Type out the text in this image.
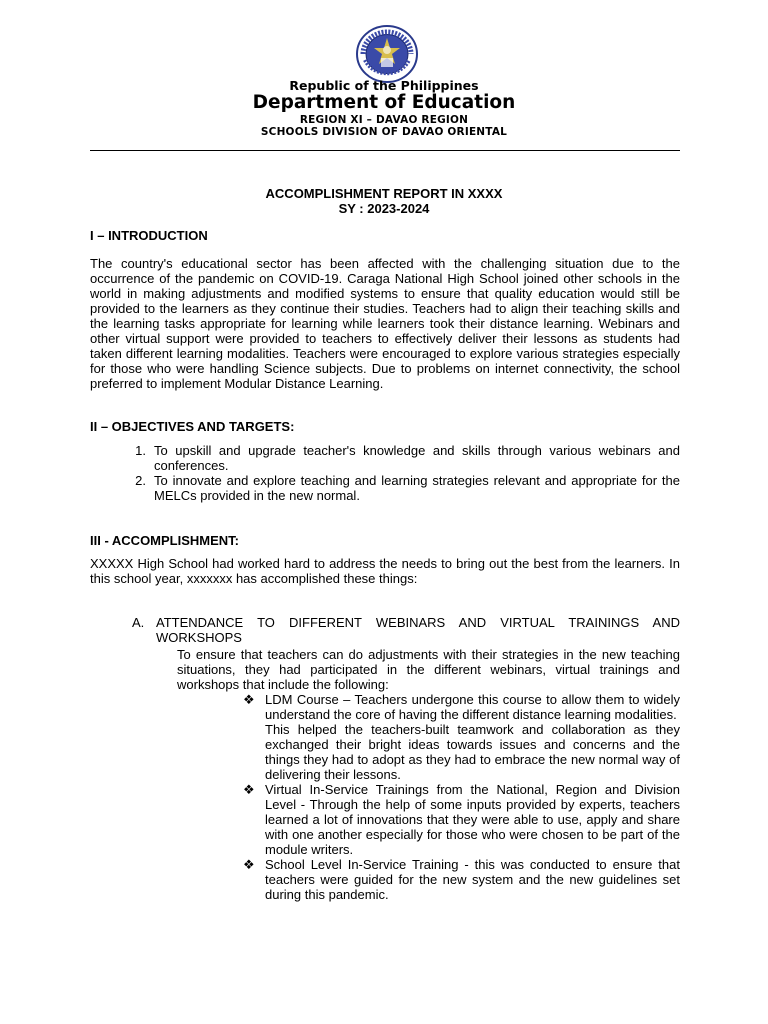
Republic of the Philippines
Department of Education
REGION XI – DAVAO REGION
SCHOOLS DIVISION OF DAVAO ORIENTAL
ACCOMPLISHMENT REPORT IN XXXX
SY : 2023-2024
I – INTRODUCTION
The country's educational sector has been affected with the challenging situation due to the occurrence of the pandemic on COVID-19. Caraga National High School joined other schools in the world in making adjustments and modified systems to ensure that quality education would still be provided to the learners as they continue their studies. Teachers had to align their teaching skills and the learning tasks appropriate for learning while learners took their distance learning. Webinars and other virtual support were provided to teachers to effectively deliver their lessons as students had taken different learning modalities. Teachers were encouraged to explore various strategies especially for those who were handling Science subjects. Due to problems on internet connectivity, the school preferred to implement Modular Distance Learning.
II – OBJECTIVES AND TARGETS:
1. To upskill and upgrade teacher's knowledge and skills through various webinars and conferences.
2. To innovate and explore teaching and learning strategies relevant and appropriate for the MELCs provided in the new normal.
III - ACCOMPLISHMENT:
XXXXX High School had worked hard to address the needs to bring out the best from the learners. In this school year, xxxxxxx has accomplished these things:
A. ATTENDANCE TO DIFFERENT WEBINARS AND VIRTUAL TRAININGS AND WORKSHOPS
To ensure that teachers can do adjustments with their strategies in the new teaching situations, they had participated in the different webinars, virtual trainings and workshops that include the following:
❖ LDM Course – Teachers undergone this course to allow them to widely understand the core of having the different distance learning modalities.
This helped the teachers-built teamwork and collaboration as they exchanged their bright ideas towards issues and concerns and the things they had to adopt as they had to embrace the new normal way of delivering their lessons.
❖ Virtual In-Service Trainings from the National, Region and Division Level - Through the help of some inputs provided by experts, teachers learned a lot of innovations that they were able to use, apply and share with one another especially for those who were chosen to be part of the module writers.
❖ School Level In-Service Training - this was conducted to ensure that teachers were guided for the new system and the new guidelines set during this pandemic.
